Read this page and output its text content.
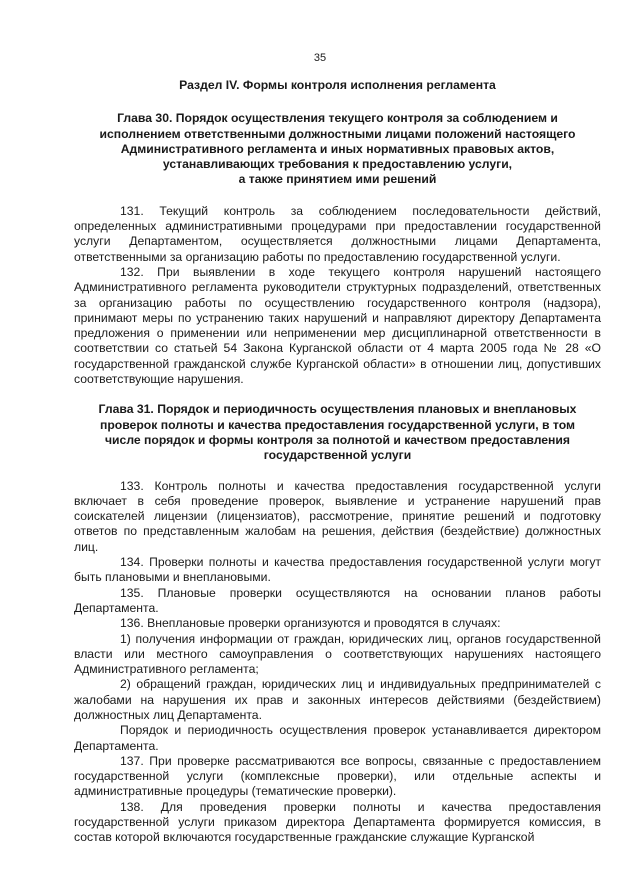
35

Раздел IV. Формы контроля исполнения регламента

Глава 30. Порядок осуществления текущего контроля за соблюдением и
исполнением ответственными должностными лицами положений настоящего
Административного регламента и иных нормативных правовых актов,
устанавливающих требования к предоставлению услуги,
а также принятием ими решений

131. Текущий контроль за соблюдением последовательности действий, определенных административными процедурами при предоставлении государственной услуги Департаментом, осуществляется должностными лицами Департамента, ответственными за организацию работы по предоставлению государственной услуги.

132. При выявлении в ходе текущего контроля нарушений настоящего Административного регламента руководители структурных подразделений, ответственных за организацию работы по осуществлению государственного контроля (надзора), принимают меры по устранению таких нарушений и направляют директору Департамента предложения о применении или неприменении мер дисциплинарной ответственности в соответствии со статьей 54 Закона Курганской области от 4 марта 2005 года № 28 «О государственной гражданской службе Курганской области» в отношении лиц, допустивших соответствующие нарушения.

Глава 31. Порядок и периодичность осуществления плановых и внеплановых
проверок полноты и качества предоставления государственной услуги, в том
числе порядок и формы контроля за полнотой и качеством предоставления
государственной услуги

133. Контроль полноты и качества предоставления государственной услуги включает в себя проведение проверок, выявление и устранение нарушений прав соискателей лицензии (лицензиатов), рассмотрение, принятие решений и подготовку ответов по представленным жалобам на решения, действия (бездействие) должностных лиц.

134. Проверки полноты и качества предоставления государственной услуги могут быть плановыми и внеплановыми.

135. Плановые проверки осуществляются на основании планов работы Департамента.

136. Внеплановые проверки организуются и проводятся в случаях:

1) получения информации от граждан, юридических лиц, органов государственной власти или местного самоуправления о соответствующих нарушениях настоящего Административного регламента;

2) обращений граждан, юридических лиц и индивидуальных предпринимателей с жалобами на нарушения их прав и законных интересов действиями (бездействием) должностных лиц Департамента.

Порядок и периодичность осуществления проверок устанавливается директором Департамента.

137. При проверке рассматриваются все вопросы, связанные с предоставлением государственной услуги (комплексные проверки), или отдельные аспекты и административные процедуры (тематические проверки).

138. Для проведения проверки полноты и качества предоставления государственной услуги приказом директора Департамента формируется комиссия, в состав которой включаются государственные гражданские служащие Курганской
